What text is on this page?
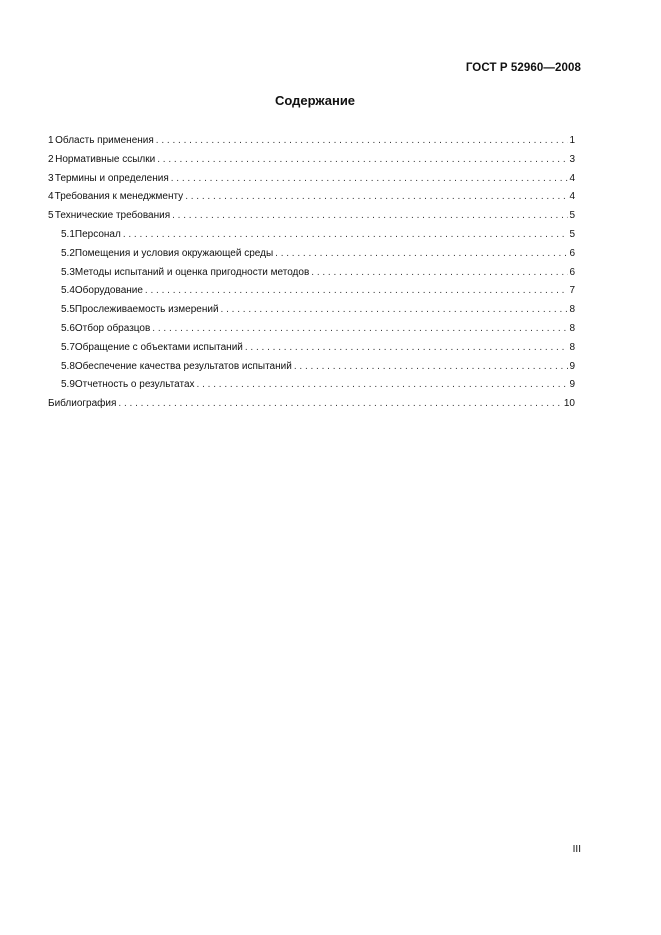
ГОСТ Р 52960—2008
Содержание
1 Область применения . . .	1
2 Нормативные ссылки . . .	3
3 Термины и определения . . .	4
4 Требования к менеджменту . . .	4
5 Технические требования . . .	5
5.1 Персонал . . .	5
5.2 Помещения и условия окружающей среды . . .	6
5.3 Методы испытаний и оценка пригодности методов . . .	6
5.4 Оборудование . . .	7
5.5 Прослеживаемость измерений . . .	8
5.6 Отбор образцов . . .	8
5.7 Обращение с объектами испытаний . . .	8
5.8 Обеспечение качества результатов испытаний . . .	9
5.9 Отчетность о результатах . . .	9
Библиография . . .	10
III
